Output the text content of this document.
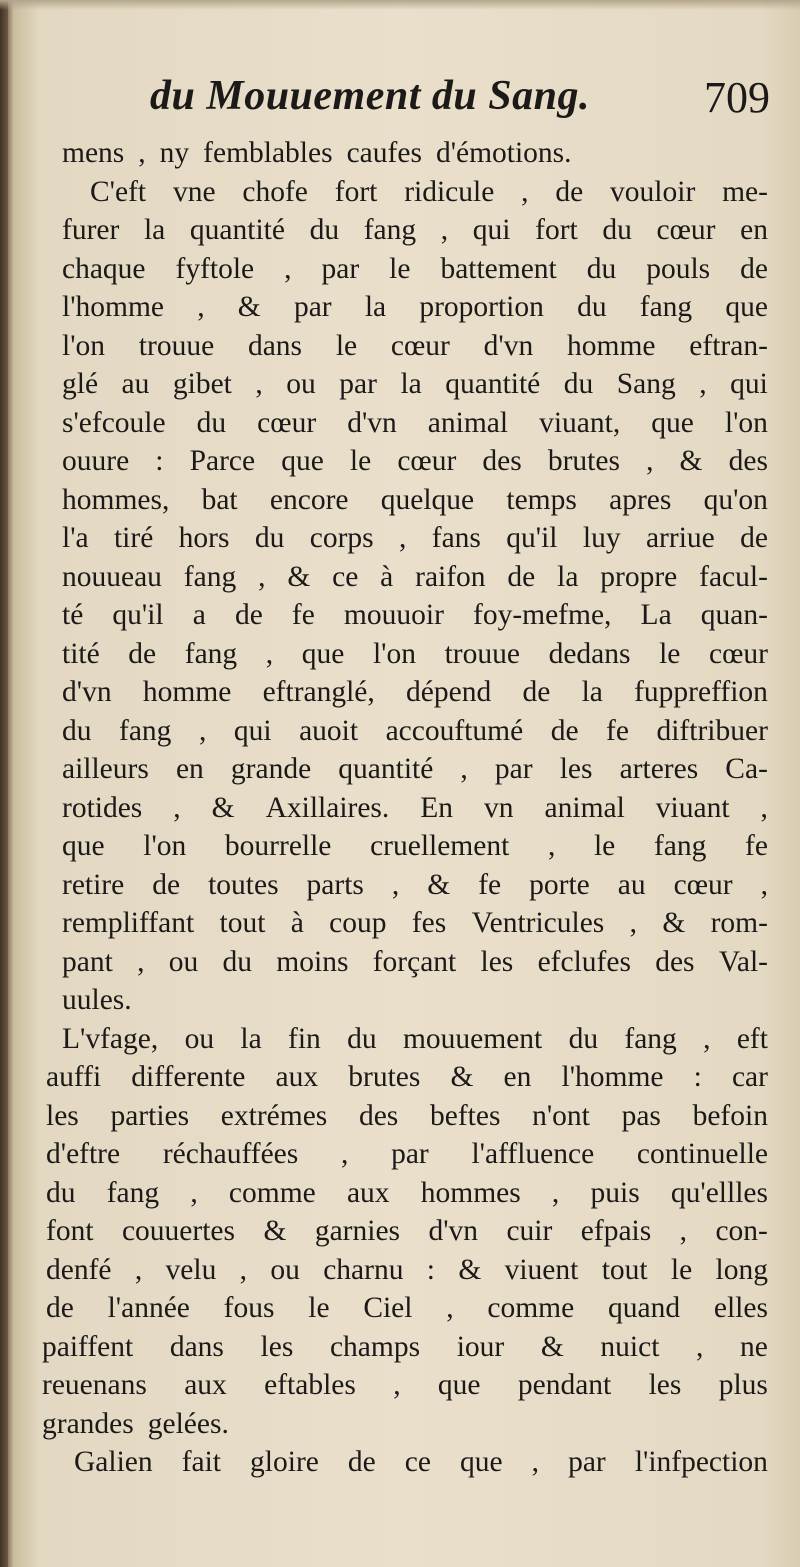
du Mouuement du Sang.	709
mens , ny femblables caufes d'émotions.
C'eft vne chofe fort ridicule , de vouloir me-
furer la quantité du fang , qui fort du cœur en
chaque fyftole , par le battement du pouls de
l'homme , & par la proportion du fang que
l'on trouue dans le cœur d'vn homme eftran-
glé au gibet , ou par la quantité du Sang , qui
s'efcoule du cœur d'vn animal viuant, que l'on
ouure : Parce que le cœur des brutes , & des
hommes, bat encore quelque temps apres qu'on
l'a tiré hors du corps , fans qu'il luy arriue de
nouueau fang , & ce à raifon de la propre facul-
té qu'il a de fe mouuoir foy-mefme, La quan-
tité de fang , que l'on trouue dedans le cœur
d'vn homme eftranglé, dépend de la fuppreffion
du fang , qui auoit accouftumé de fe diftribuer
ailleurs en grande quantité , par les arteres Ca-
rotides , & Axillaires. En vn animal viuant ,
que l'on bourrelle cruellement , le fang fe
retire de toutes parts , & fe porte au cœur ,
rempliffant tout à coup fes Ventricules , & rom-
pant , ou du moins forçant les efclufes des Val-
uules.
L'vfage, ou la fin du mouuement du fang , eft
auffi differente aux brutes & en l'homme : car
les parties extrémes des beftes n'ont pas befoin
d'eftre réchauffées , par l'affluence continuelle
du fang , comme aux hommes , puis qu'ellles
font couuertes & garnies d'vn cuir efpais , con-
denfé , velu , ou charnu : & viuent tout le long
de l'année fous le Ciel , comme quand elles
paiffent dans les champs iour & nuict , ne
reuenans aux eftables , que pendant les plus
grandes gelées.
Galien fait gloire de ce que , par l'infpection
